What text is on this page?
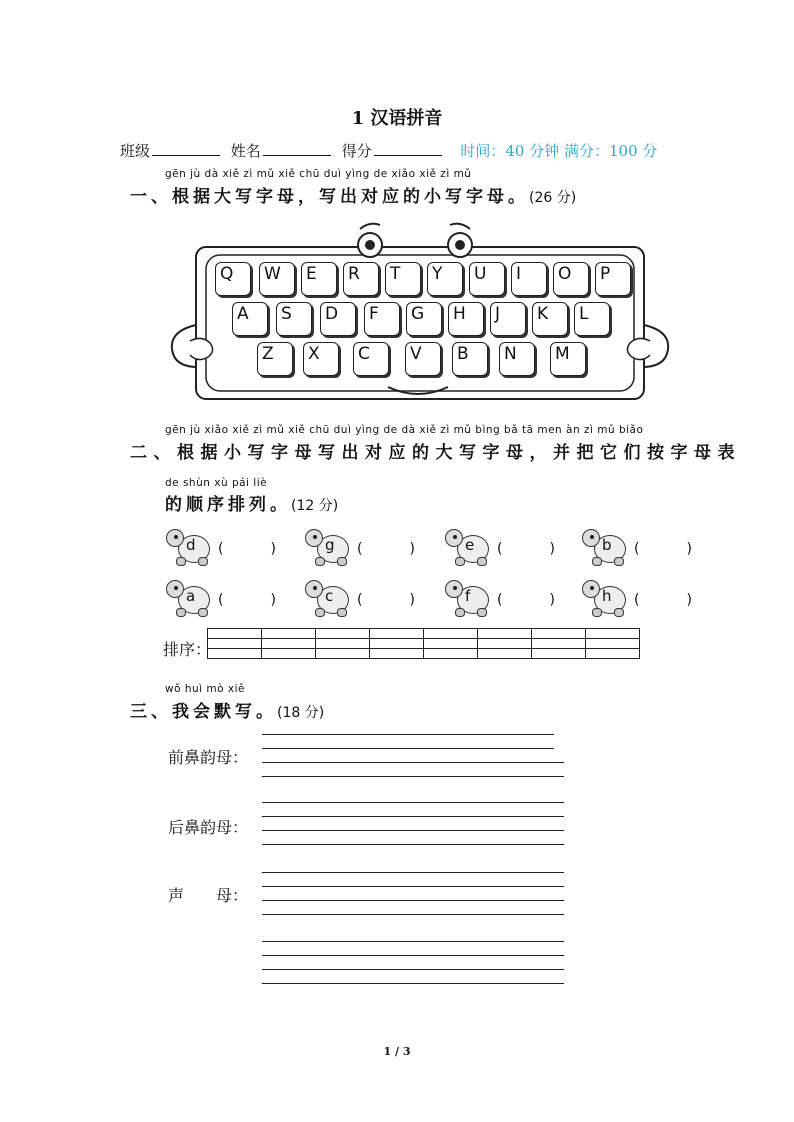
1 汉语拼音
班级	姓名	得分	时间：40 分钟 满分：100 分
gēn jù dà xiě zì mǔ xiě chū duì yìng de xiǎo xiě zì mǔ
一、根据大写字母，写出对应的小写字母。(26 分)
Q W E R T Y U I O P
A S D F G H J K L
Z X C V B N M
gēn jù xiǎo xiě zì mǔ xiě chū duì yìng de dà xiě zì mǔ bìng bǎ tā men àn zì mǔ biǎo
二、根据小写字母写出对应的大写字母，并把它们按字母表
de shùn xù pái liè
的顺序排列。(12 分)
d (	)	g (	)	e (	)	b (	)
a (	)	c (	)	f (	)	h (	)
排序：

wǒ huì mò xiě
三、我会默写。(18 分)
前鼻韵母：
后鼻韵母：
声　　母：
1 / 3
